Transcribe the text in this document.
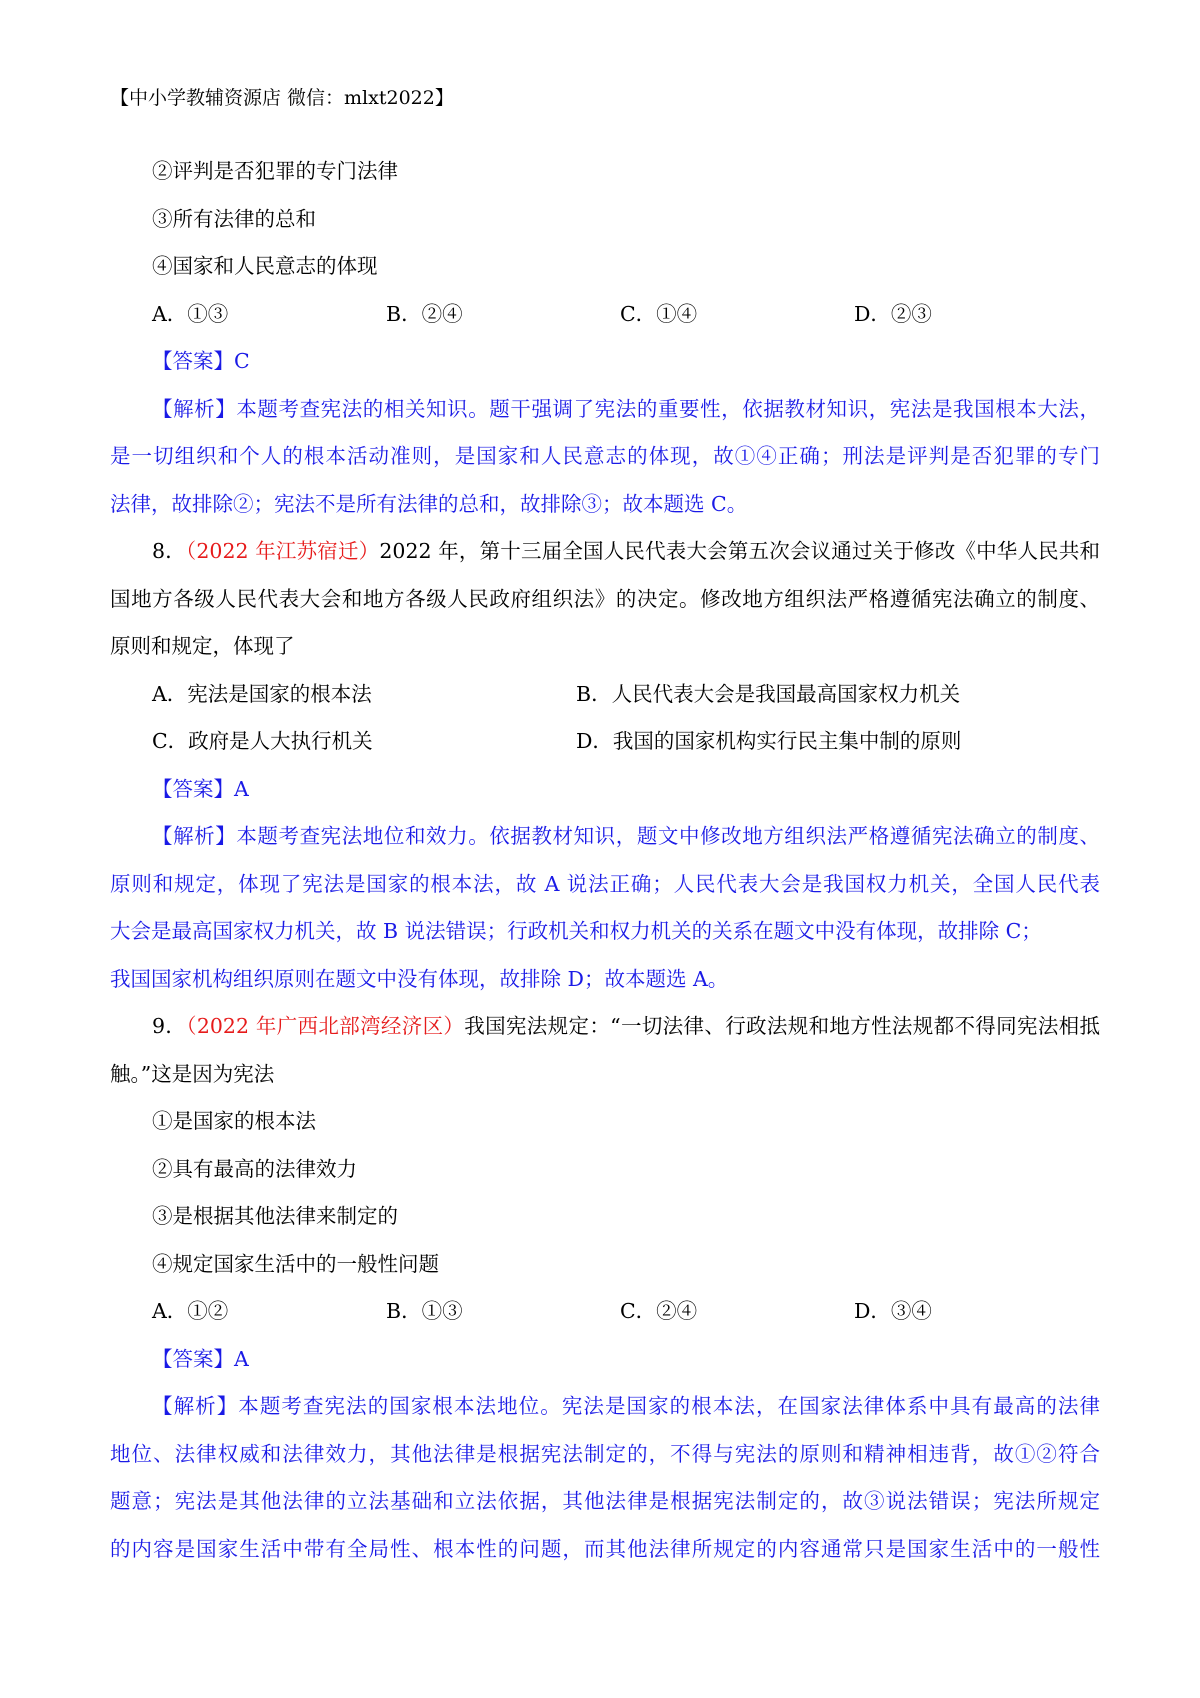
【中小学教辅资源店 微信：mlxt2022】
②评判是否犯罪的专门法律
③所有法律的总和
④国家和人民意志的体现
A．①③	B．②④	C．①④	D．②③
【答案】C
【解析】本题考查宪法的相关知识。题干强调了宪法的重要性，依据教材知识，宪法是我国根本大法，
是一切组织和个人的根本活动准则，是国家和人民意志的体现，故①④正确；刑法是评判是否犯罪的专门
法律，故排除②；宪法不是所有法律的总和，故排除③；故本题选 C。
8．（2022 年江苏宿迁）2022 年，第十三届全国人民代表大会第五次会议通过关于修改《中华人民共和
国地方各级人民代表大会和地方各级人民政府组织法》的决定。修改地方组织法严格遵循宪法确立的制度、
原则和规定，体现了
A．宪法是国家的根本法	B．人民代表大会是我国最高国家权力机关
C．政府是人大执行机关	D．我国的国家机构实行民主集中制的原则
【答案】A
【解析】本题考查宪法地位和效力。依据教材知识，题文中修改地方组织法严格遵循宪法确立的制度、
原则和规定，体现了宪法是国家的根本法，故 A 说法正确；人民代表大会是我国权力机关，全国人民代表
大会是最高国家权力机关，故 B 说法错误；行政机关和权力机关的关系在题文中没有体现，故排除 C；
我国国家机构组织原则在题文中没有体现，故排除 D；故本题选 A。
9．（2022 年广西北部湾经济区）我国宪法规定：“一切法律、行政法规和地方性法规都不得同宪法相抵
触。”这是因为宪法
①是国家的根本法
②具有最高的法律效力
③是根据其他法律来制定的
④规定国家生活中的一般性问题
A．①②	B．①③	C．②④	D．③④
【答案】A
【解析】本题考查宪法的国家根本法地位。宪法是国家的根本法，在国家法律体系中具有最高的法律
地位、法律权威和法律效力，其他法律是根据宪法制定的，不得与宪法的原则和精神相违背，故①②符合
题意；宪法是其他法律的立法基础和立法依据，其他法律是根据宪法制定的，故③说法错误；宪法所规定
的内容是国家生活中带有全局性、根本性的问题，而其他法律所规定的内容通常只是国家生活中的一般性
